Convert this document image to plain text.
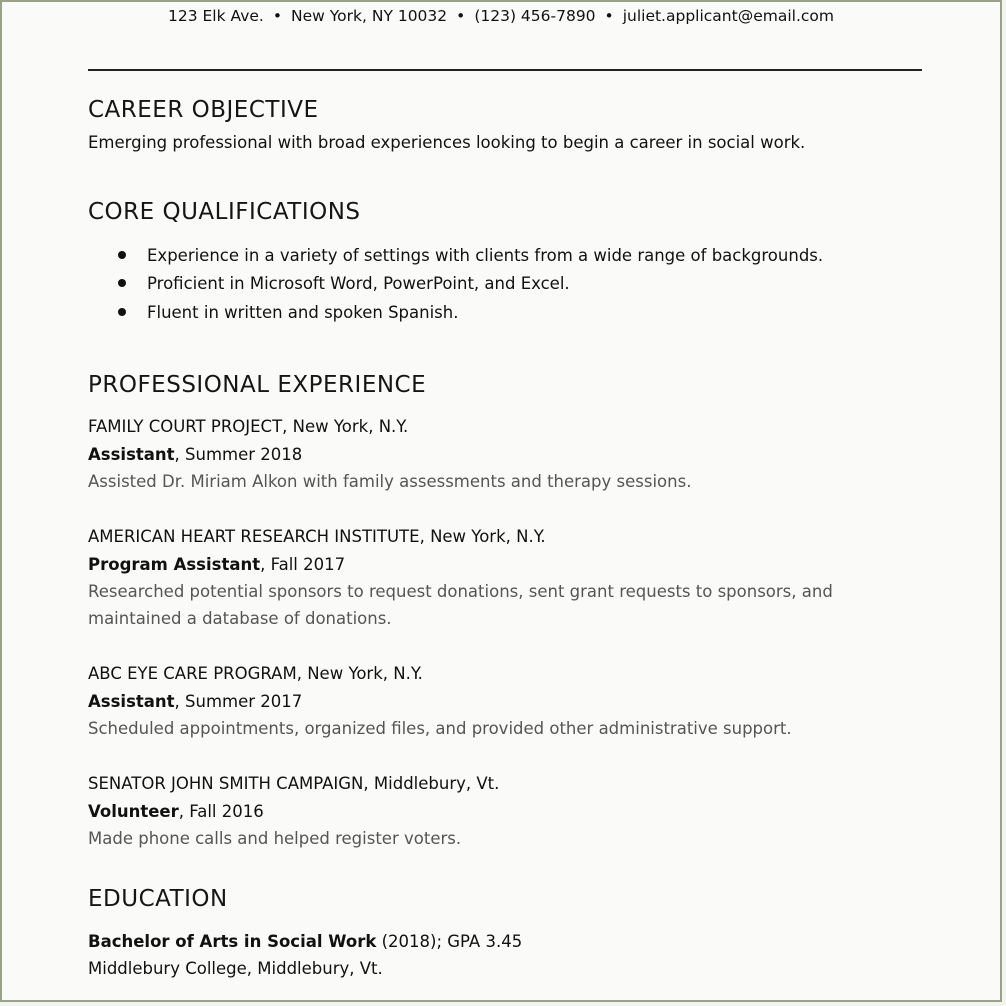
123 Elk Ave. • New York, NY 10032 • (123) 456-7890 • juliet.applicant@email.com
CAREER OBJECTIVE
Emerging professional with broad experiences looking to begin a career in social work.
CORE QUALIFICATIONS
Experience in a variety of settings with clients from a wide range of backgrounds.
Proficient in Microsoft Word, PowerPoint, and Excel.
Fluent in written and spoken Spanish.
PROFESSIONAL EXPERIENCE
FAMILY COURT PROJECT, New York, N.Y.
Assistant, Summer 2018
Assisted Dr. Miriam Alkon with family assessments and therapy sessions.
AMERICAN HEART RESEARCH INSTITUTE, New York, N.Y.
Program Assistant, Fall 2017
Researched potential sponsors to request donations, sent grant requests to sponsors, and maintained a database of donations.
ABC EYE CARE PROGRAM, New York, N.Y.
Assistant, Summer 2017
Scheduled appointments, organized files, and provided other administrative support.
SENATOR JOHN SMITH CAMPAIGN, Middlebury, Vt.
Volunteer, Fall 2016
Made phone calls and helped register voters.
EDUCATION
Bachelor of Arts in Social Work (2018); GPA 3.45
Middlebury College, Middlebury, Vt.
